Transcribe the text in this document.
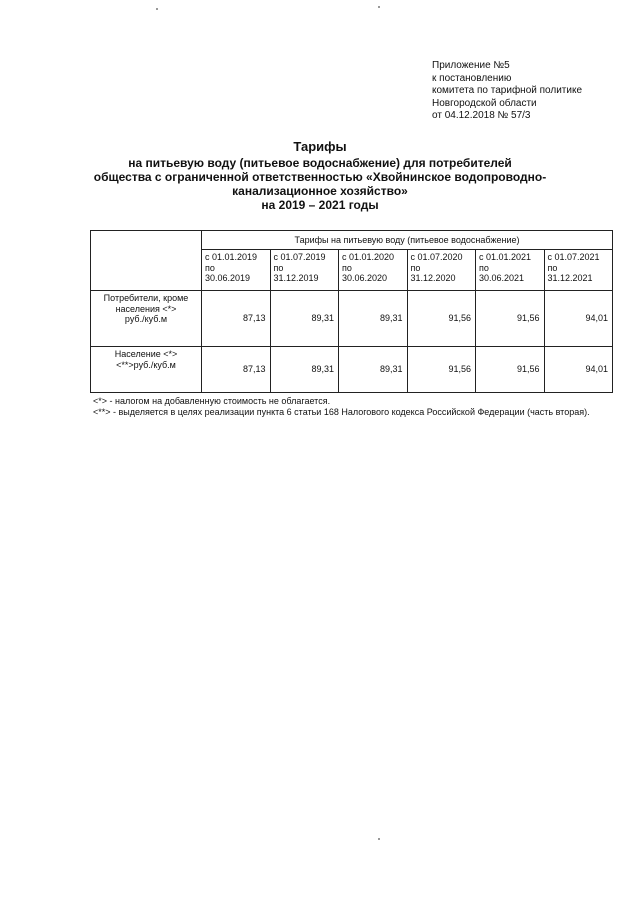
Приложение №5
к постановлению
комитета по тарифной политике
Новгородской области
от 04.12.2018 № 57/3
Тарифы
на питьевую воду (питьевое водоснабжение) для потребителей
общества с ограниченной ответственностью «Хвойнинское водопроводно-
канализационное хозяйство»
на 2019 – 2021 годы
	Тарифы на питьевую воду (питьевое водоснабжение)					

	с 01.01.2019
по
30.06.2019	с 01.07.2019
по
31.12.2019	с 01.01.2020
по
30.06.2020	с 01.07.2020
по
31.12.2020	с 01.01.2021
по
30.06.2021	с 01.07.2021
по
31.12.2021

Потребители, кроме
населения <*>
руб./куб.м	87,13	89,31	89,31	91,56	91,56	94,01

Население <*>
<**>руб./куб.м	87,13	89,31	89,31	91,56	91,56	94,01
<*> - налогом на добавленную стоимость не облагается.
<**> - выделяется в целях реализации пункта 6 статьи 168 Налогового кодекса Российской Федерации (часть вторая).
